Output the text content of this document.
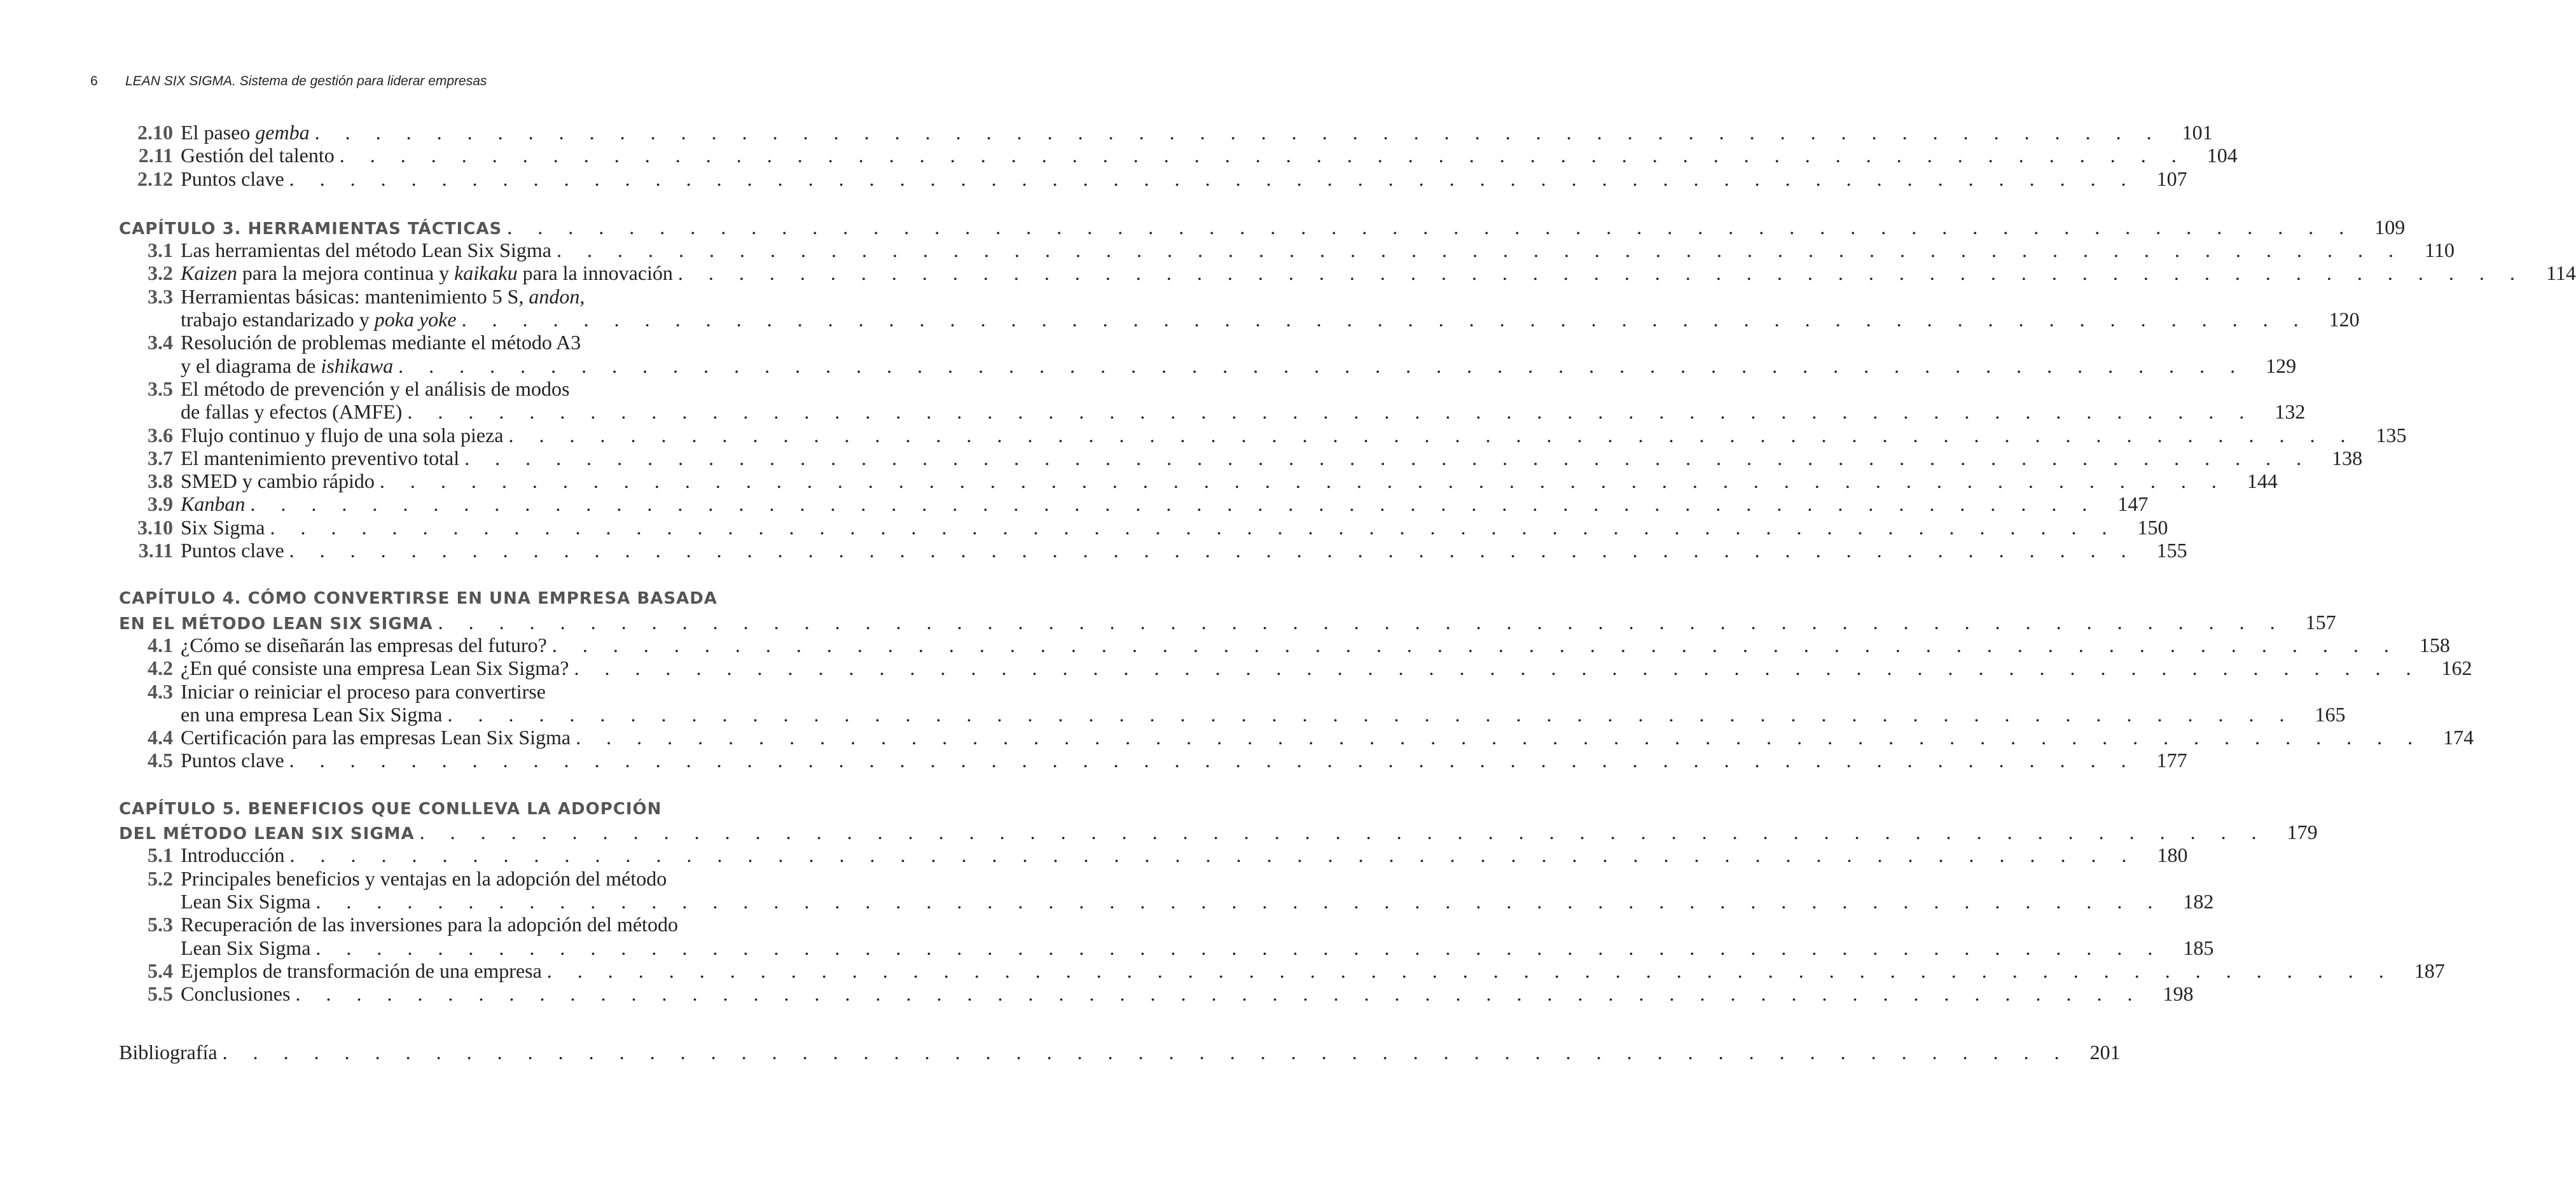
6 LEAN SIX SIGMA. Sistema de gestión para liderar empresas
2.10 El paseo gemba . . . . . . . . . . . . . . . . . . . . . . . . . . . . . . . . . . . . . . . . . . . . . . . . . . . . . . . . . . . . .	101
2.11 Gestión del talento . . . . . . . . . . . . . . . . . . . . . . . . . . . . . . . . . . . . . . . . . . . . . . . . . . . . . . . . . . . . .	104
2.12 Puntos clave . . . . . . . . . . . . . . . . . . . . . . . . . . . . . . . . . . . . . . . . . . . . . . . . . . . . . . . . . . . . .	107
CAPÍTULO 3. HERRAMIENTAS TÁCTICAS . . . . . . . . . . . . . . . . . . . . . . . . . . . . . . . . . . . . . . . . . . . . . . . . . . . . . . . . . . . . .	109
3.1 Las herramientas del método Lean Six Sigma . . . . . . . . . . . . . . . . . . . . . . . . . . . . . . . . . . . . . . . . . . . . . . . . . . . . . . . . . . . . .	110
3.2 Kaizen para la mejora continua y kaikaku para la innovación . . . . . . . . . . . . . . . . . . . . . . . . . . . . . . . . . . . . . . . . . . . . . . . . . . . . . . . . . . . . .	114
3.3 Herramientas básicas: mantenimiento 5 S, andon,
trabajo estandarizado y poka yoke . . . . . . . . . . . . . . . . . . . . . . . . . . . . . . . . . . . . . . . . . . . . . . . . . . . . . . . . . . . . .	120
3.4 Resolución de problemas mediante el método A3
y el diagrama de ishikawa . . . . . . . . . . . . . . . . . . . . . . . . . . . . . . . . . . . . . . . . . . . . . . . . . . . . . . . . . . . . .	129
3.5 El método de prevención y el análisis de modos
de fallas y efectos (AMFE) . . . . . . . . . . . . . . . . . . . . . . . . . . . . . . . . . . . . . . . . . . . . . . . . . . . . . . . . . . . . .	132
3.6 Flujo continuo y flujo de una sola pieza . . . . . . . . . . . . . . . . . . . . . . . . . . . . . . . . . . . . . . . . . . . . . . . . . . . . . . . . . . . . .	135
3.7 El mantenimiento preventivo total . . . . . . . . . . . . . . . . . . . . . . . . . . . . . . . . . . . . . . . . . . . . . . . . . . . . . . . . . . . . .	138
3.8 SMED y cambio rápido . . . . . . . . . . . . . . . . . . . . . . . . . . . . . . . . . . . . . . . . . . . . . . . . . . . . . . . . . . . . .	144
3.9 Kanban . . . . . . . . . . . . . . . . . . . . . . . . . . . . . . . . . . . . . . . . . . . . . . . . . . . . . . . . . . . . .	147
3.10 Six Sigma . . . . . . . . . . . . . . . . . . . . . . . . . . . . . . . . . . . . . . . . . . . . . . . . . . . . . . . . . . . . .	150
3.11 Puntos clave . . . . . . . . . . . . . . . . . . . . . . . . . . . . . . . . . . . . . . . . . . . . . . . . . . . . . . . . . . . . .	155
CAPÍTULO 4. CÓMO CONVERTIRSE EN UNA EMPRESA BASADA
EN EL MÉTODO LEAN SIX SIGMA . . . . . . . . . . . . . . . . . . . . . . . . . . . . . . . . . . . . . . . . . . . . . . . . . . . . . . . . . . . . .	157
4.1 ¿Cómo se diseñarán las empresas del futuro? . . . . . . . . . . . . . . . . . . . . . . . . . . . . . . . . . . . . . . . . . . . . . . . . . . . . . . . . . . . . .	158
4.2 ¿En qué consiste una empresa Lean Six Sigma? . . . . . . . . . . . . . . . . . . . . . . . . . . . . . . . . . . . . . . . . . . . . . . . . . . . . . . . . . . . . .	162
4.3 Iniciar o reiniciar el proceso para convertirse
en una empresa Lean Six Sigma . . . . . . . . . . . . . . . . . . . . . . . . . . . . . . . . . . . . . . . . . . . . . . . . . . . . . . . . . . . . .	165
4.4 Certificación para las empresas Lean Six Sigma . . . . . . . . . . . . . . . . . . . . . . . . . . . . . . . . . . . . . . . . . . . . . . . . . . . . . . . . . . . . .	174
4.5 Puntos clave . . . . . . . . . . . . . . . . . . . . . . . . . . . . . . . . . . . . . . . . . . . . . . . . . . . . . . . . . . . . .	177
CAPÍTULO 5. BENEFICIOS QUE CONLLEVA LA ADOPCIÓN
DEL MÉTODO LEAN SIX SIGMA . . . . . . . . . . . . . . . . . . . . . . . . . . . . . . . . . . . . . . . . . . . . . . . . . . . . . . . . . . . . .	179
5.1 Introducción . . . . . . . . . . . . . . . . . . . . . . . . . . . . . . . . . . . . . . . . . . . . . . . . . . . . . . . . . . . . .	180
5.2 Principales beneficios y ventajas en la adopción del método
Lean Six Sigma . . . . . . . . . . . . . . . . . . . . . . . . . . . . . . . . . . . . . . . . . . . . . . . . . . . . . . . . . . . . .	182
5.3 Recuperación de las inversiones para la adopción del método
Lean Six Sigma . . . . . . . . . . . . . . . . . . . . . . . . . . . . . . . . . . . . . . . . . . . . . . . . . . . . . . . . . . . . .	185
5.4 Ejemplos de transformación de una empresa . . . . . . . . . . . . . . . . . . . . . . . . . . . . . . . . . . . . . . . . . . . . . . . . . . . . . . . . . . . . .	187
5.5 Conclusiones . . . . . . . . . . . . . . . . . . . . . . . . . . . . . . . . . . . . . . . . . . . . . . . . . . . . . . . . . . . . .	198
Bibliografía . . . . . . . . . . . . . . . . . . . . . . . . . . . . . . . . . . . . . . . . . . . . . . . . . . . . . . . . . . . . .	201
